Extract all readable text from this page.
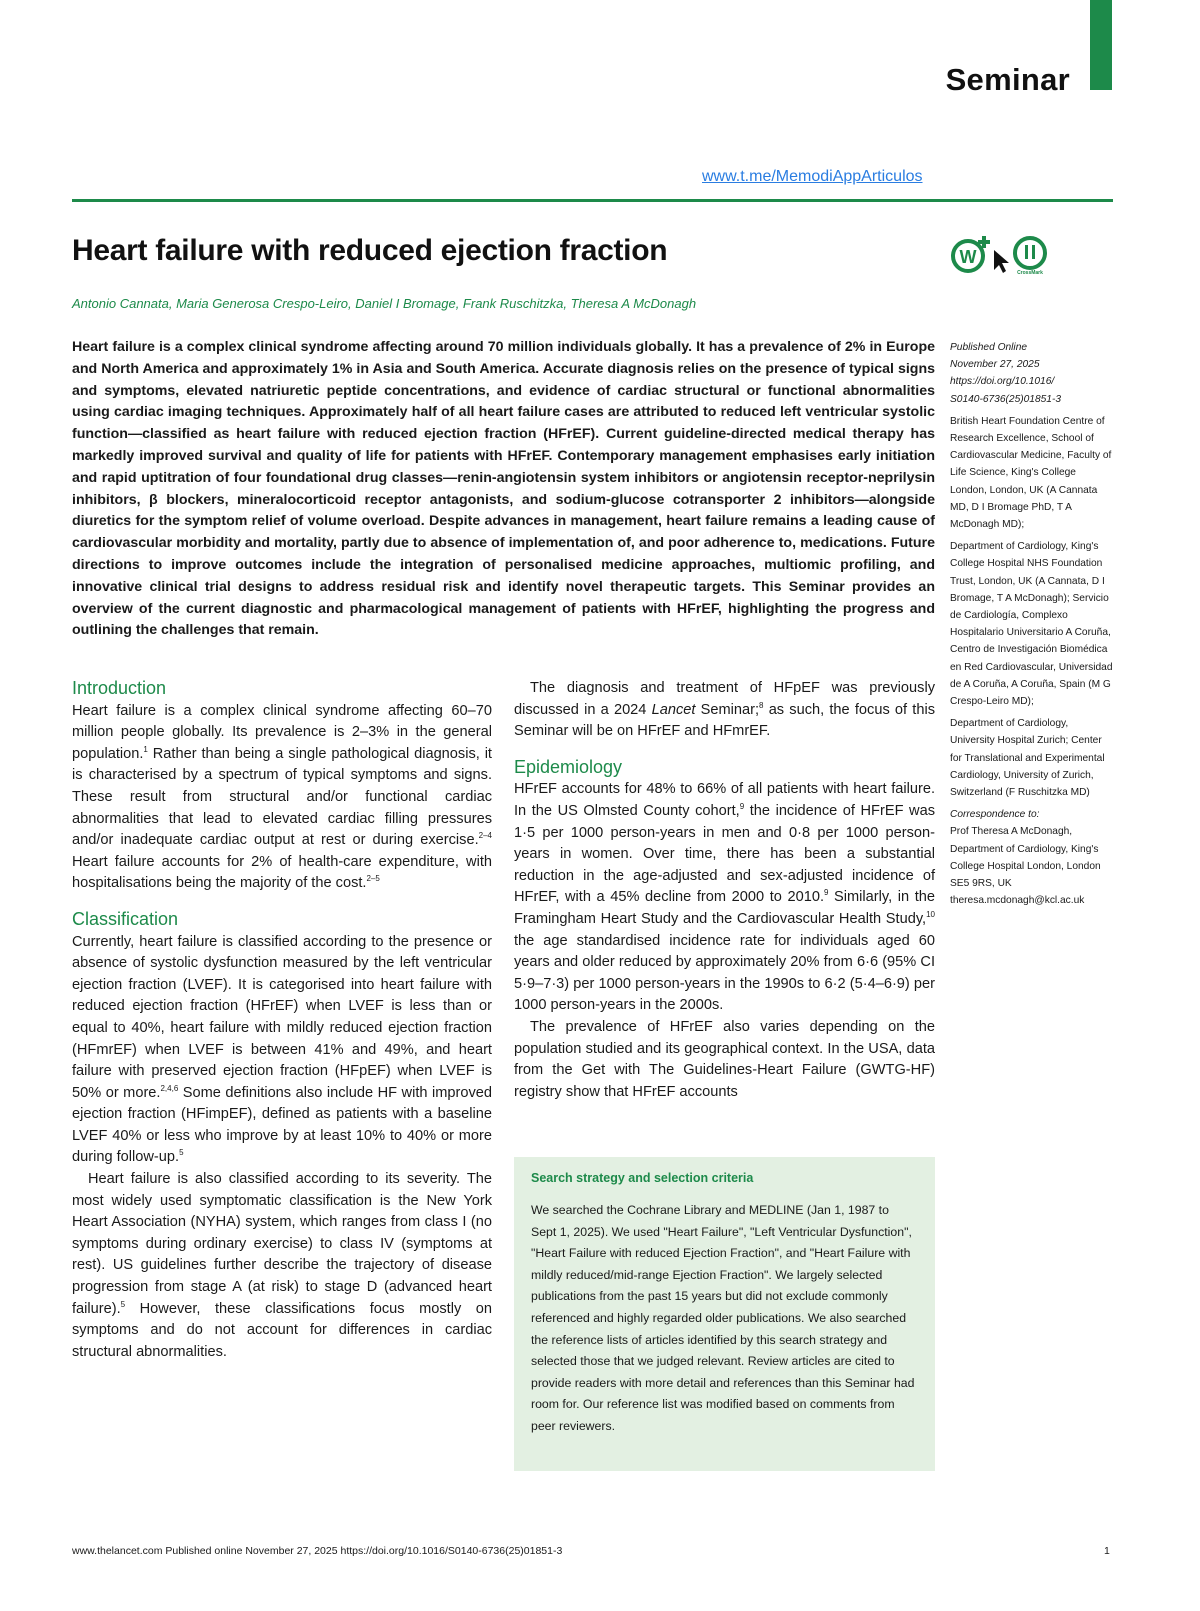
Seminar
www.t.me/MemodiAppArticulos
Heart failure with reduced ejection fraction	W
CrossMark
Antonio Cannata, Maria Generosa Crespo-Leiro, Daniel I Bromage, Frank Ruschitzka, Theresa A McDonagh
Heart failure is a complex clinical syndrome affecting around 70 million individuals globally. It has a prevalence of 2% in Europe and North America and approximately 1% in Asia and South America. Accurate diagnosis relies on the presence of typical signs and symptoms, elevated natriuretic peptide concentrations, and evidence of cardiac structural or functional abnormalities using cardiac imaging techniques. Approximately half of all heart failure cases are attributed to reduced left ventricular systolic function—classified as heart failure with reduced ejection fraction (HFrEF). Current guideline-directed medical therapy has markedly improved survival and quality of life for patients with HFrEF. Contemporary management emphasises early initiation and rapid uptitration of four foundational drug classes—renin-angiotensin system inhibitors or angiotensin receptor-neprilysin inhibitors, β blockers, mineralocorticoid receptor antagonists, and sodium-glucose cotransporter 2 inhibitors—alongside diuretics for the symptom relief of volume overload. Despite advances in management, heart failure remains a leading cause of cardiovascular morbidity and mortality, partly due to absence of implementation of, and poor adherence to, medications. Future directions to improve outcomes include the integration of personalised medicine approaches, multiomic profiling, and innovative clinical trial designs to address residual risk and identify novel therapeutic targets. This Seminar provides an overview of the current diagnostic and pharmacological management of patients with HFrEF, highlighting the progress and outlining the challenges that remain.
Introduction

Heart failure is a complex clinical syndrome affecting 60–70 million people globally. Its prevalence is 2–3% in the general population.$^1$ Rather than being a single pathological diagnosis, it is characterised by a spectrum of typical symptoms and signs. These result from structural and/or functional cardiac abnormalities that lead to elevated cardiac filling pressures and/or inadequate cardiac output at rest or during exercise.$^{2-4}$ Heart failure accounts for 2% of health-care expenditure, with hospitalisations being the majority of the cost.$^{2-5}$

Classification

Currently, heart failure is classified according to the presence or absence of systolic dysfunction measured by the left ventricular ejection fraction (LVEF). It is categorised into heart failure with reduced ejection fraction (HFrEF) when LVEF is less than or equal to 40%, heart failure with mildly reduced ejection fraction (HFmrEF) when LVEF is between 41% and 49%, and heart failure with preserved ejection fraction (HFpEF) when LVEF is 50% or more.$^{2,4,6}$ Some definitions also include HF with improved ejection fraction (HFimpEF), defined as patients with a baseline LVEF 40% or less who improve by at least 10% to 40% or more during follow-up.$^5$

Heart failure is also classified according to its severity. The most widely used symptomatic classification is the New York Heart Association (NYHA) system, which ranges from class I (no symptoms during ordinary exercise) to class IV (symptoms at rest). US guidelines further describe the trajectory of disease progression from stage A (at risk) to stage D (advanced heart failure).$^5$ However, these classifications focus mostly on symptoms and do not account for differences in cardiac structural abnormalities.

The diagnosis and treatment of HFpEF was previously discussed in a 2024 Lancet Seminar;$^8$ as such, the focus of this Seminar will be on HFrEF and HFmrEF.

Epidemiology

HFrEF accounts for 48% to 66% of all patients with heart failure. In the US Olmsted County cohort,$^9$ the incidence of HFrEF was 1·5 per 1000 person-years in men and 0·8 per 1000 person-years in women. Over time, there has been a substantial reduction in the age-adjusted and sex-adjusted incidence of HFrEF, with a 45% decline from 2000 to 2010.$^9$ Similarly, in the Framingham Heart Study and the Cardiovascular Health Study,$^{10}$ the age standardised incidence rate for individuals aged 60 years and older reduced by approximately 20% from 6·6 (95% CI 5·9–7·3) per 1000 person-years in the 1990s to 6·2 (5·4–6·9) per 1000 person-years in the 2000s.

The prevalence of HFrEF also varies depending on the population studied and its geographical context. In the USA, data from the Get with The Guidelines-Heart Failure (GWTG-HF) registry show that HFrEF accounts

Published Online
November 27, 2025
https://doi.org/10.1016/
S0140-6736(25)01851-3
British Heart Foundation Centre of Research Excellence, School of Cardiovascular Medicine, Faculty of Life Science, King's College London, London, UK (A Cannata MD, D I Bromage PhD, T A McDonagh MD);
Department of Cardiology, King's College Hospital NHS Foundation Trust, London, UK (A Cannata, D I Bromage, T A McDonagh); Servicio de Cardiología, Complexo Hospitalario Universitario A Coruña, Centro de Investigación Biomédica en Red Cardiovascular, Universidad de A Coruña, A Coruña, Spain (M G Crespo-Leiro MD);
Department of Cardiology, University Hospital Zurich; Center for Translational and Experimental Cardiology, University of Zurich, Switzerland (F Ruschitzka MD)
Correspondence to:
Prof Theresa A McDonagh, Department of Cardiology, King's College Hospital London, London SE5 9RS, UK
theresa.mcdonagh@kcl.ac.uk
Search strategy and selection criteria
We searched the Cochrane Library and MEDLINE (Jan 1, 1987 to Sept 1, 2025). We used "Heart Failure", "Left Ventricular Dysfunction", "Heart Failure with reduced Ejection Fraction", and "Heart Failure with mildly reduced/mid-range Ejection Fraction". We largely selected publications from the past 15 years but did not exclude commonly referenced and highly regarded older publications. We also searched the reference lists of articles identified by this search strategy and selected those that we judged relevant. Review articles are cited to provide readers with more detail and references than this Seminar had room for. Our reference list was modified based on comments from peer reviewers.
www.thelancet.com Published online November 27, 2025 https://doi.org/10.1016/S0140-6736(25)01851-3	1
